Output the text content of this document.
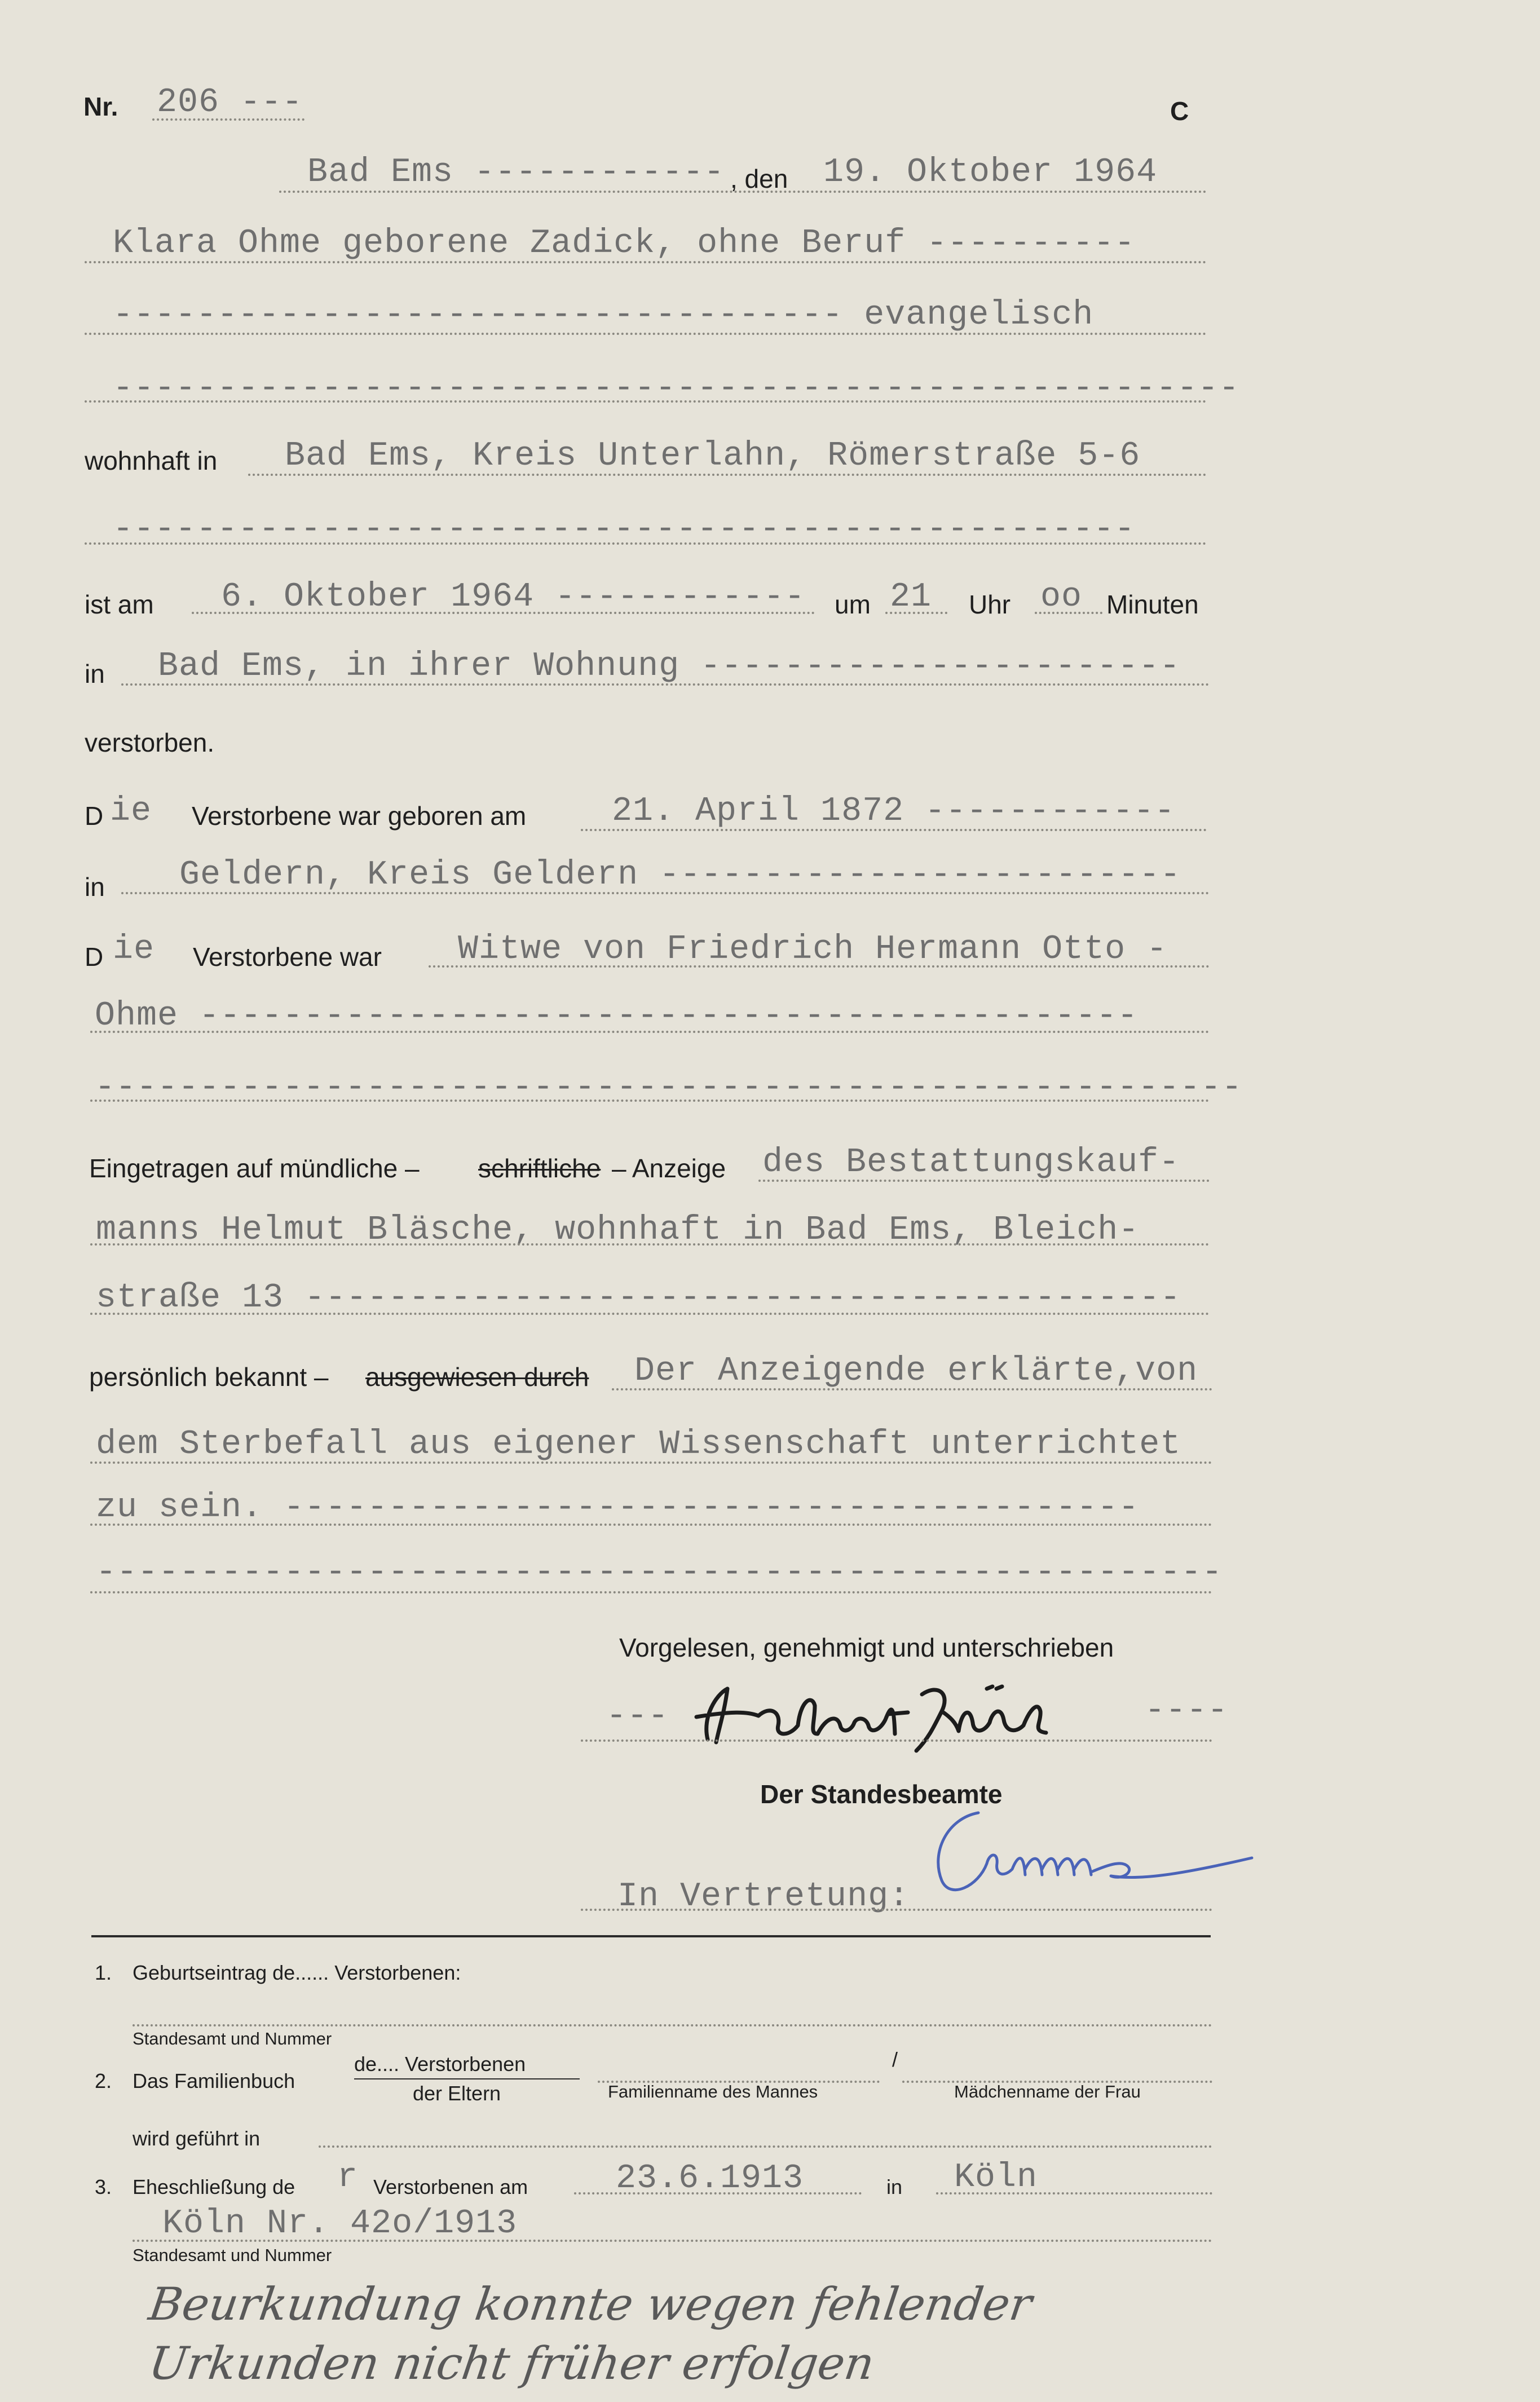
Nr. 206 ---	C
Bad Ems ------------ , den 19. Oktober 1964
Klara Ohme geborene Zadick, ohne Beruf ----------
----------------------------------- evangelisch
------------------------------------------------------
wohnhaft in Bad Ems, Kreis Unterlahn, Römerstraße 5-6
-------------------------------------------------
ist am 6. Oktober 1964 ------------ um 21 Uhr oo Minuten
in Bad Ems, in ihrer Wohnung -----------------------
verstorben.
D ie Verstorbene war geboren am	21. April 1872 ------------
in Geldern, Kreis Geldern -------------------------
D ie Verstorbene war Witwe von Friedrich Hermann Otto -
Ohme ---------------------------------------------
-------------------------------------------------------
Eingetragen auf mündliche – schriftliche – Anzeige des Bestattungskauf-
manns Helmut Bläsche, wohnhaft in Bad Ems, Bleich-
straße 13 ------------------------------------------
persönlich bekannt – ausgewiesen durch Der Anzeigende erklärte,von
dem Sterbefall aus eigener Wissenschaft unterrichtet
zu sein. -----------------------------------------
------------------------------------------------------
Vorgelesen, genehmigt und unterschrieben
---	----
Der Standesbeamte
In Vertretung:
1. Geburtseintrag de...... Verstorbenen:
Standesamt und Nummer
2. Das Familienbuch
de.... Verstorbenen
der Eltern	Familienname des Mannes
/
Mädchenname der Frau
wird geführt in
3. Eheschließung de r Verstorbenen am	23.6.1913	in Köln
Köln Nr. 42o/1913
Standesamt und Nummer
Beurkundung konnte wegen fehlender
Urkunden nicht früher erfolgen
